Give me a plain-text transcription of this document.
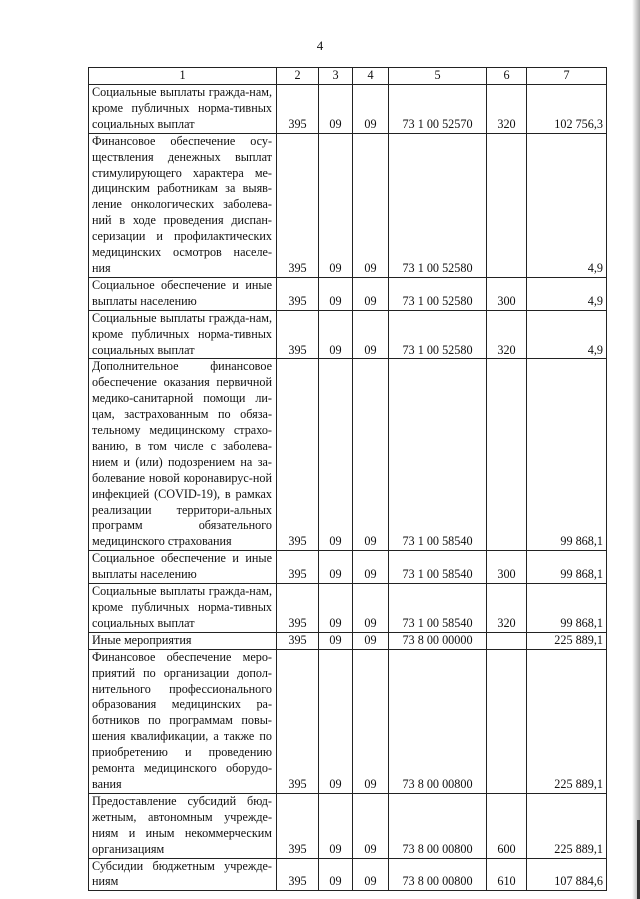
4
1	2	3	4	5	6	7
Социальные выплаты гражда-нам, кроме публичных норма-тивных социальных выплат	395	09	09	73 1 00 52570	320	102 756,3
Финансовое обеспечение осу-ществления денежных выплат стимулирующего характера ме-дицинским работникам за выяв-ление онкологических заболева-ний в ходе проведения диспан-серизации и профилактических медицинских осмотров населе-ния	395	09	09	73 1 00 52580		4,9
Социальное обеспечение и иные выплаты населению	395	09	09	73 1 00 52580	300	4,9
Социальные выплаты гражда-нам, кроме публичных норма-тивных социальных выплат	395	09	09	73 1 00 52580	320	4,9
Дополнительное финансовое обеспечение оказания первичной медико-санитарной помощи ли-цам, застрахованным по обяза-тельному медицинскому страхо-ванию, в том числе с заболева-нием и (или) подозрением на за-болевание новой коронавирус-ной инфекцией (COVID-19), в рамках реализации территори-альных программ обязательного медицинского страхования	395	09	09	73 1 00 58540		99 868,1
Социальное обеспечение и иные выплаты населению	395	09	09	73 1 00 58540	300	99 868,1
Социальные выплаты гражда-нам, кроме публичных норма-тивных социальных выплат	395	09	09	73 1 00 58540	320	99 868,1
Иные мероприятия	395	09	09	73 8 00 00000		225 889,1
Финансовое обеспечение меро-приятий по организации допол-нительного профессионального образования медицинских ра-ботников по программам повы-шения квалификации, а также по приобретению и проведению ремонта медицинского оборудо-вания	395	09	09	73 8 00 00800		225 889,1
Предоставление субсидий бюд-жетным, автономным учрежде-ниям и иным некоммерческим организациям	395	09	09	73 8 00 00800	600	225 889,1
Субсидии бюджетным учрежде-ниям	395	09	09	73 8 00 00800	610	107 884,6
